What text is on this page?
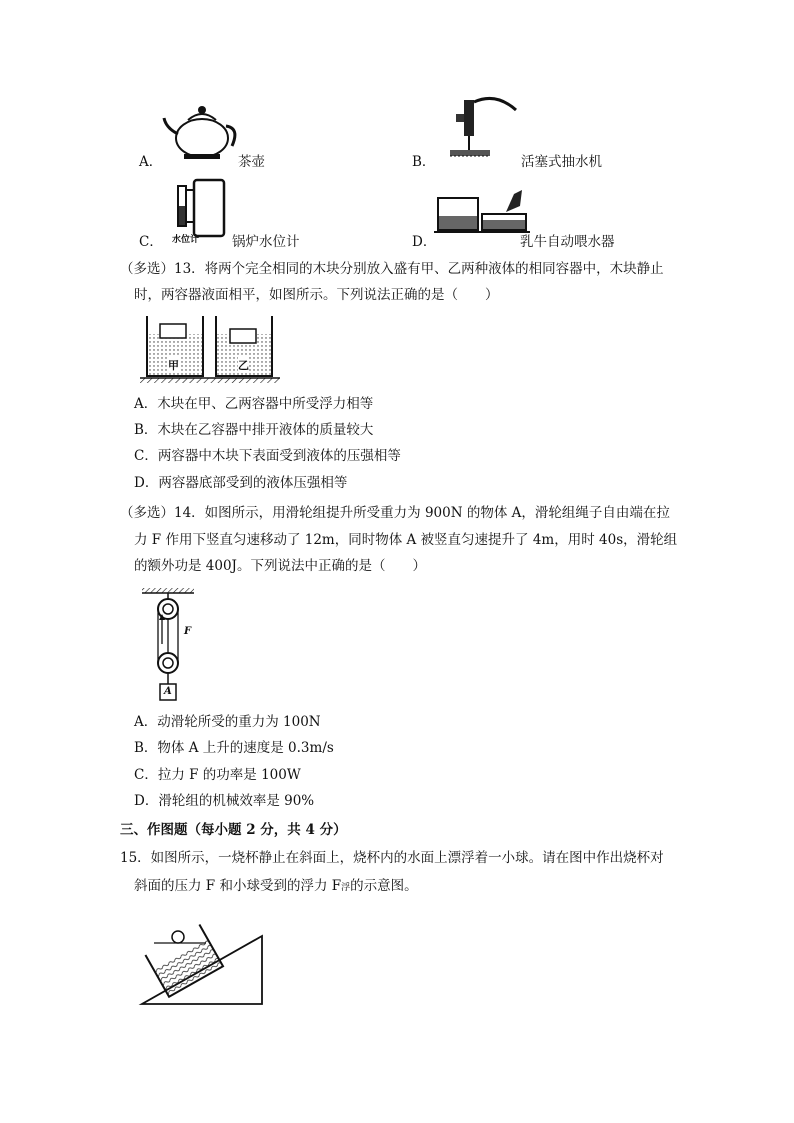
A．	茶壶	B．	活塞式抽水机
水位计
C．	锅炉水位计	D．	乳牛自动喂水器
（多选）13．将两个完全相同的木块分别放入盛有甲、乙两种液体的相同容器中，木块静止
时，两容器液面相平，如图所示。下列说法正确的是（　　）
甲	乙
A．木块在甲、乙两容器中所受浮力相等
B．木块在乙容器中排开液体的质量较大
C．两容器中木块下表面受到液体的压强相等
D．两容器底部受到的液体压强相等
（多选）14．如图所示，用滑轮组提升所受重力为 900N 的物体 A，滑轮组绳子自由端在拉
力 F 作用下竖直匀速移动了 12m，同时物体 A 被竖直匀速提升了 4m，用时 40s，滑轮组
的额外功是 400J。下列说法中正确的是（　　）
F
A
A．动滑轮所受的重力为 100N
B．物体 A 上升的速度是 0.3m/s
C．拉力 F 的功率是 100W
D．滑轮组的机械效率是 90%
三、作图题（每小题 2 分，共 4 分）
15．如图所示，一烧杯静止在斜面上，烧杯内的水面上漂浮着一小球。请在图中作出烧杯对
斜面的压力 F 和小球受到的浮力 F浮的示意图。
